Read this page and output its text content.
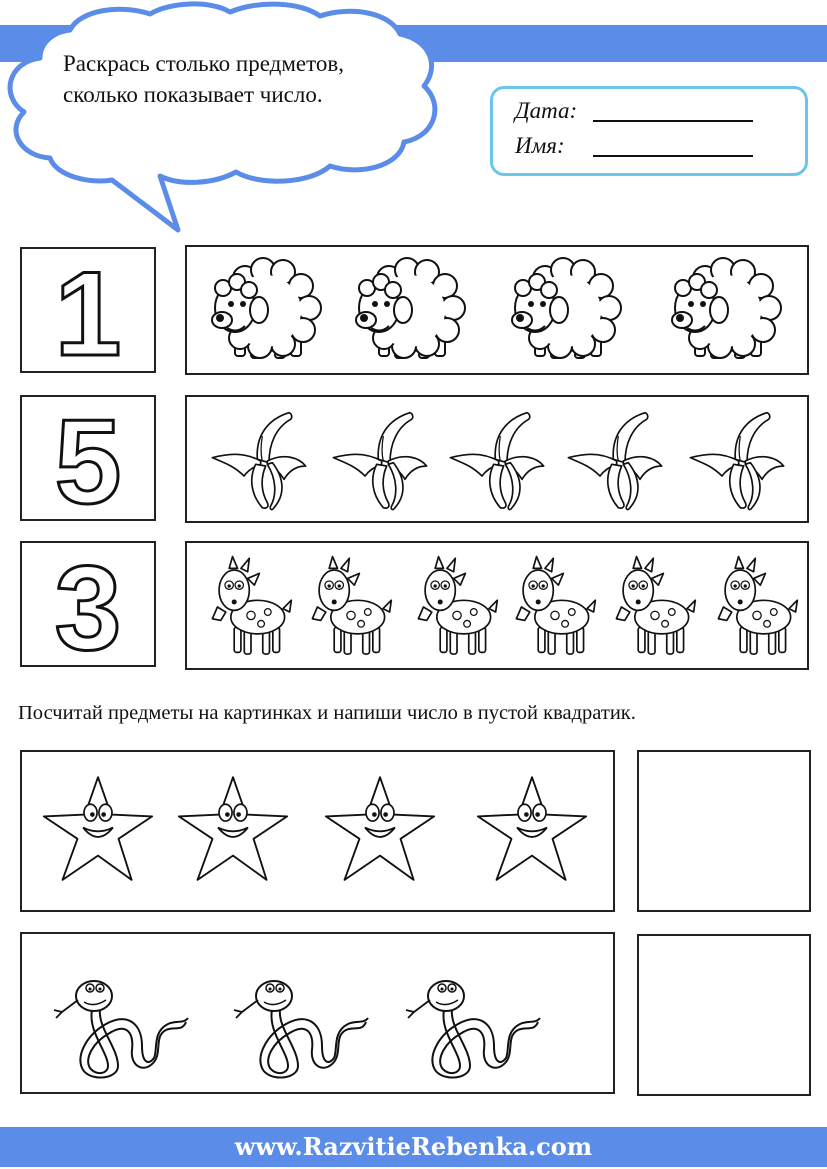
Раскрась столько предметов, сколько показывает число.
Дата:
Имя:
1
5
3
Посчитай предметы на картинках и напиши число в пустой квадратик.
www.RazvitieRebenka.com
